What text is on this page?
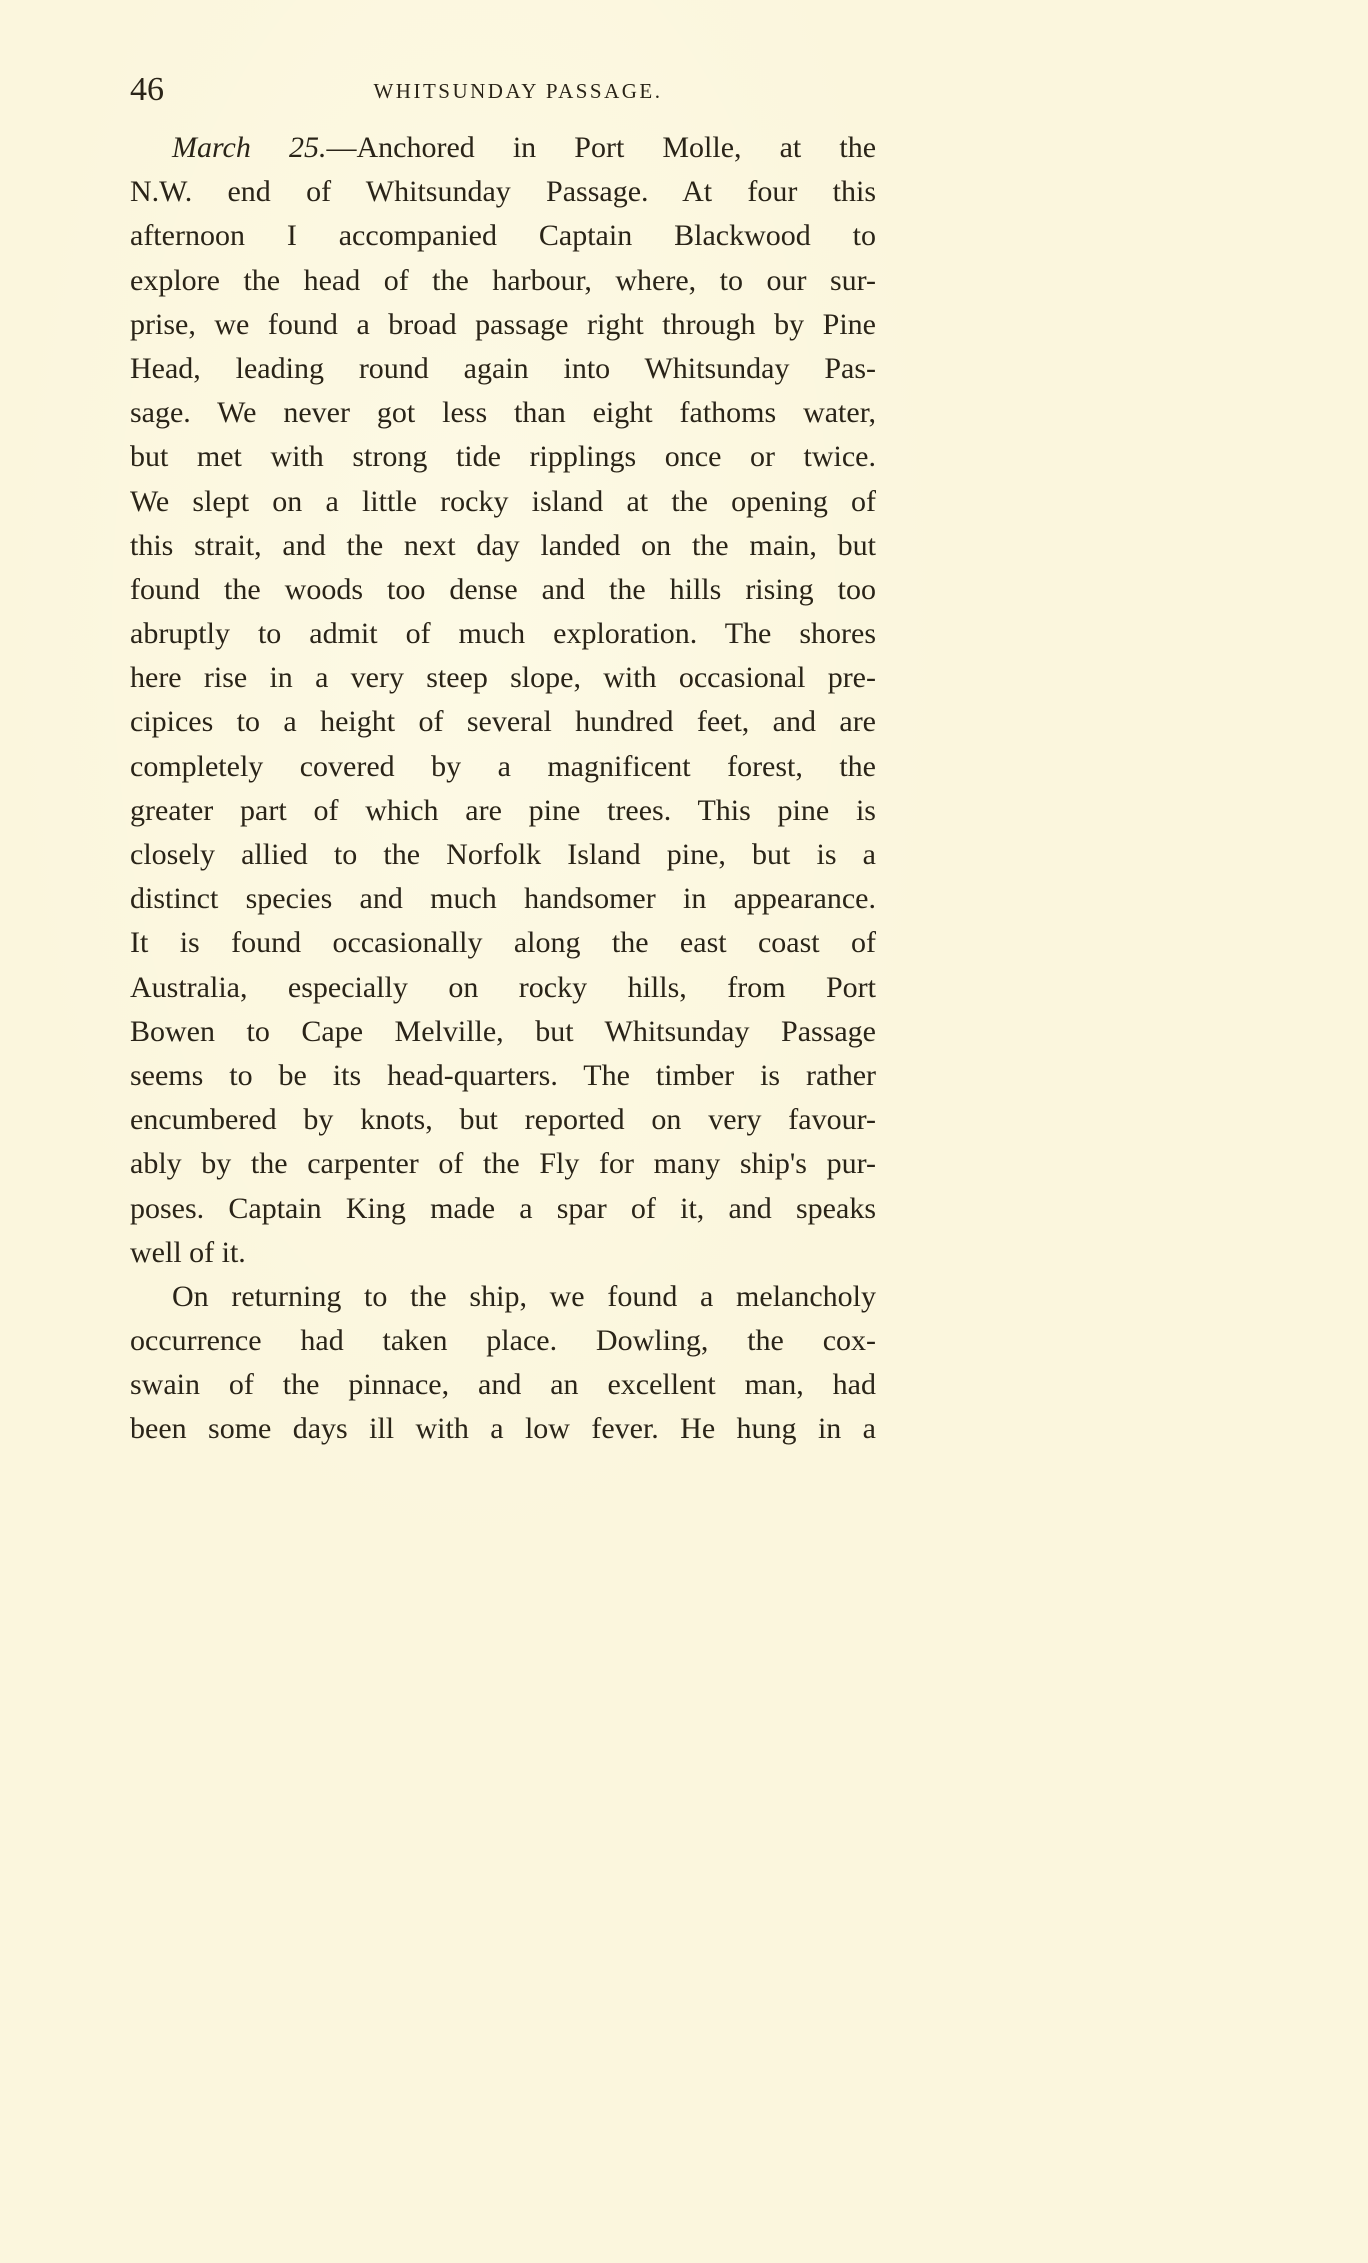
46	WHITSUNDAY PASSAGE.

March 25.—Anchored in Port Molle, at the
N.W. end of Whitsunday Passage. At four this
afternoon I accompanied Captain Blackwood to
explore the head of the harbour, where, to our sur-
prise, we found a broad passage right through by Pine
Head, leading round again into Whitsunday Pas-
sage. We never got less than eight fathoms water,
but met with strong tide ripplings once or twice.
We slept on a little rocky island at the opening of
this strait, and the next day landed on the main, but
found the woods too dense and the hills rising too
abruptly to admit of much exploration. The shores
here rise in a very steep slope, with occasional pre-
cipices to a height of several hundred feet, and are
completely covered by a magnificent forest, the
greater part of which are pine trees. This pine is
closely allied to the Norfolk Island pine, but is a
distinct species and much handsomer in appearance.
It is found occasionally along the east coast of
Australia, especially on rocky hills, from Port
Bowen to Cape Melville, but Whitsunday Passage
seems to be its head-quarters. The timber is rather
encumbered by knots, but reported on very favour-
ably by the carpenter of the Fly for many ship's pur-
poses. Captain King made a spar of it, and speaks
well of it.

On returning to the ship, we found a melancholy
occurrence had taken place. Dowling, the cox-
swain of the pinnace, and an excellent man, had
been some days ill with a low fever. He hung in a
